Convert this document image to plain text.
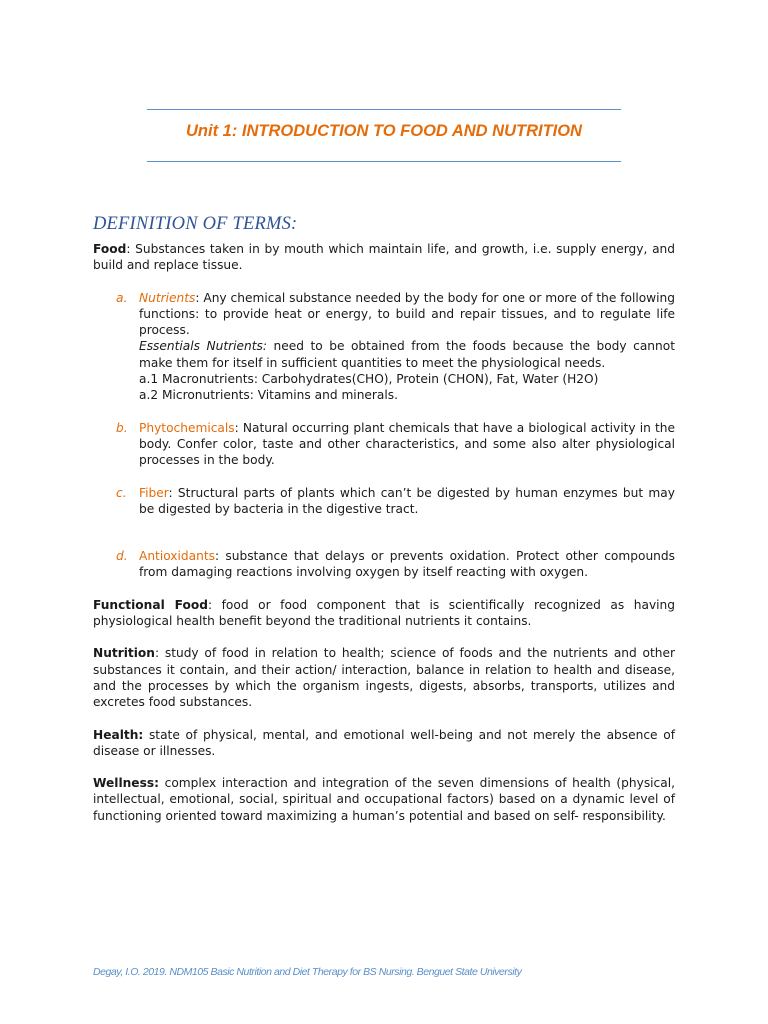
Unit 1: INTRODUCTION TO FOOD AND NUTRITION
DEFINITION OF TERMS:

Food: Substances taken in by mouth which maintain life, and growth, i.e. supply energy, and build and replace tissue.

a. Nutrients: Any chemical substance needed by the body for one or more of the following functions: to provide heat or energy, to build and repair tissues, and to regulate life process.
Essentials Nutrients: need to be obtained from the foods because the body cannot make them for itself in sufficient quantities to meet the physiological needs.
a.1 Macronutrients: Carbohydrates(CHO), Protein (CHON), Fat, Water (H2O)
a.2 Micronutrients: Vitamins and minerals.
b. Phytochemicals: Natural occurring plant chemicals that have a biological activity in the body. Confer color, taste and other characteristics, and some also alter physiological processes in the body.
c. Fiber: Structural parts of plants which can’t be digested by human enzymes but may be digested by bacteria in the digestive tract.
d. Antioxidants: substance that delays or prevents oxidation. Protect other compounds from damaging reactions involving oxygen by itself reacting with oxygen.

Functional Food: food or food component that is scientifically recognized as having physiological health benefit beyond the traditional nutrients it contains.

Nutrition: study of food in relation to health; science of foods and the nutrients and other substances it contain, and their action/ interaction, balance in relation to health and disease, and the processes by which the organism ingests, digests, absorbs, transports, utilizes and excretes food substances.

Health: state of physical, mental, and emotional well-being and not merely the absence of disease or illnesses.

Wellness: complex interaction and integration of the seven dimensions of health (physical, intellectual, emotional, social, spiritual and occupational factors) based on a dynamic level of functioning oriented toward maximizing a human’s potential and based on self- responsibility.

Degay, I.O. 2019. NDM105 Basic Nutrition and Diet Therapy for BS Nursing. Benguet State University
